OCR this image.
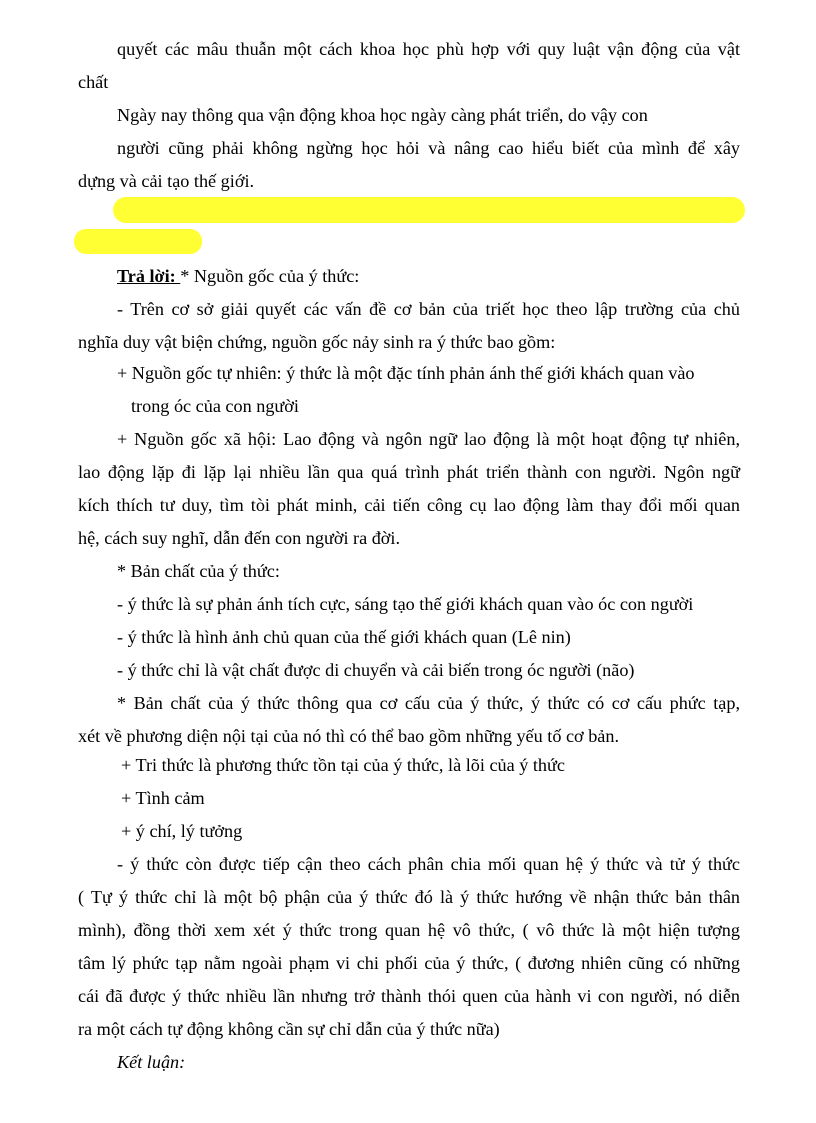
quyết các mâu thuẫn một cách khoa học phù hợp với quy luật vận động của vật
chất
Ngày nay thông qua vận động khoa học ngày càng phát triển, do vậy con
người cũng phải không ngừng học hỏi và nâng cao hiểu biết của mình để xây
dựng và cải tạo thế giới.
Trả lời: * Nguồn gốc của ý thức:
- Trên cơ sở giải quyết các vấn đề cơ bản của triết học theo lập trường của chủ
nghĩa duy vật biện chứng, nguồn gốc nảy sinh ra ý thức bao gồm:
+ Nguồn gốc tự nhiên: ý thức là một đặc tính phản ánh thế giới khách quan vào
trong óc của con người
+ Nguồn gốc xã hội: Lao động và ngôn ngữ lao động là một hoạt động tự nhiên,
lao động lặp đi lặp lại nhiều lần qua quá trình phát triển thành con người. Ngôn ngữ
kích thích tư duy, tìm tòi phát minh, cải tiến công cụ lao động làm thay đổi mối quan
hệ, cách suy nghĩ, dẫn đến con người ra đời.
* Bản chất của ý thức:
- ý thức là sự phản ánh tích cực, sáng tạo thế giới khách quan vào óc con người
- ý thức là hình ảnh chủ quan của thế giới khách quan (Lê nin)
- ý thức chỉ là vật chất được di chuyển và cải biến trong óc người (não)
* Bản chất của ý thức thông qua cơ cấu của ý thức, ý thức có cơ cấu phức tạp,
xét về phương diện nội tại của nó thì có thể bao gồm những yếu tố cơ bản.
+ Tri thức là phương thức tồn tại của ý thức, là lõi của ý thức
+ Tình cảm
+ ý chí, lý tưởng
- ý thức còn được tiếp cận theo cách phân chia mối quan hệ ý thức và tử ý thức
( Tự ý thức chỉ là một bộ phận của ý thức đó là ý thức hướng về nhận thức bản thân
mình), đồng thời xem xét ý thức trong quan hệ vô thức, ( vô thức là một hiện tượng
tâm lý phức tạp nằm ngoài phạm vi chi phối của ý thức, ( đương nhiên cũng có những
cái đã được ý thức nhiều lần nhưng trở thành thói quen của hành vi con người, nó diễn
ra một cách tự động không cần sự chỉ dẫn của ý thức nữa)
Kết luận:
